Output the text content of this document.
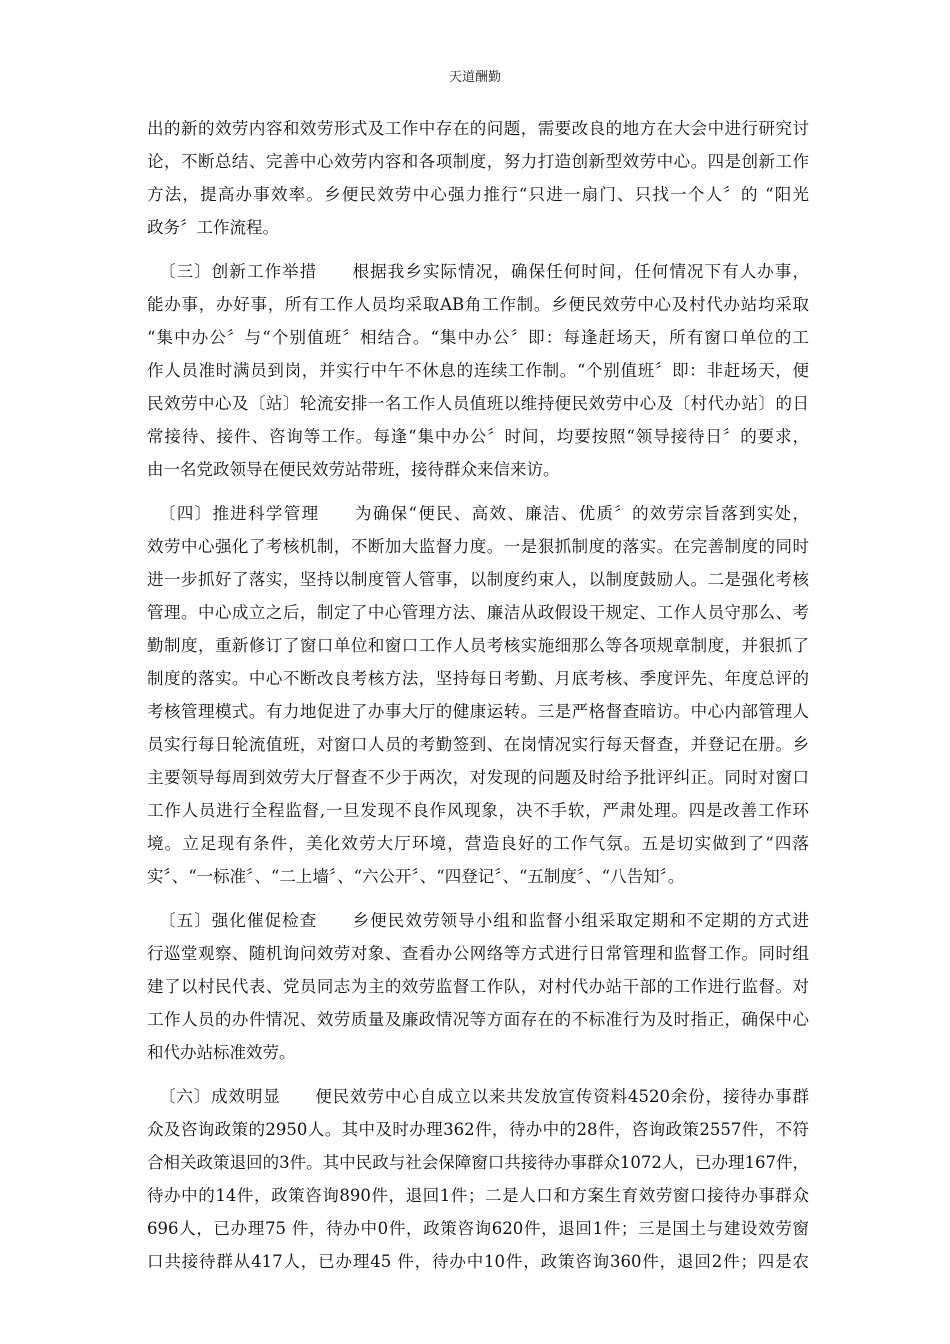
天道酬勤
出的新的效劳内容和效劳形式及工作中存在的问题，需要改良的地方在大会中进行研究讨
论，不断总结、完善中心效劳内容和各项制度，努力打造创新型效劳中心。四是创新工作
方法，提高办事效率。乡便民效劳中心强力推行“只进一扇门、只找一个人〞的 “阳光
政务〞工作流程。
〔三〕创新工作举措　　根据我乡实际情况，确保任何时间，任何情况下有人办事，
能办事，办好事，所有工作人员均采取AB角工作制。乡便民效劳中心及村代办站均采取
“集中办公〞与“个别值班〞相结合。“集中办公〞即：每逢赶场天，所有窗口单位的工
作人员准时满员到岗，并实行中午不休息的连续工作制。“个别值班〞即：非赶场天，便
民效劳中心及〔站〕轮流安排一名工作人员值班以维持便民效劳中心及〔村代办站〕的日
常接待、接件、咨询等工作。每逢“集中办公〞时间，均要按照“领导接待日〞的要求，
由一名党政领导在便民效劳站带班，接待群众来信来访。
〔四〕推进科学管理　　为确保“便民、高效、廉洁、优质〞的效劳宗旨落到实处，
效劳中心强化了考核机制，不断加大监督力度。一是狠抓制度的落实。在完善制度的同时
进一步抓好了落实，坚持以制度管人管事，以制度约束人，以制度鼓励人。二是强化考核
管理。中心成立之后，制定了中心管理方法、廉洁从政假设干规定、工作人员守那么、考
勤制度，重新修订了窗口单位和窗口工作人员考核实施细那么等各项规章制度，并狠抓了
制度的落实。中心不断改良考核方法，坚持每日考勤、月底考核、季度评先、年度总评的
考核管理模式。有力地促进了办事大厅的健康运转。三是严格督查暗访。中心内部管理人
员实行每日轮流值班，对窗口人员的考勤签到、在岗情况实行每天督查，并登记在册。乡
主要领导每周到效劳大厅督查不少于两次，对发现的问题及时给予批评纠正。同时对窗口
工作人员进行全程监督,一旦发现不良作风现象，决不手软，严肃处理。四是改善工作环
境。立足现有条件，美化效劳大厅环境，营造良好的工作气氛。五是切实做到了“四落
实〞、“一标准〞、“二上墙〞、“六公开〞、“四登记〞、“五制度〞、“八告知〞。
〔五〕强化催促检查　　乡便民效劳领导小组和监督小组采取定期和不定期的方式进
行巡堂观察、随机询问效劳对象、查看办公网络等方式进行日常管理和监督工作。同时组
建了以村民代表、党员同志为主的效劳监督工作队，对村代办站干部的工作进行监督。对
工作人员的办件情况、效劳质量及廉政情况等方面存在的不标准行为及时指正，确保中心
和代办站标准效劳。
〔六〕成效明显　　便民效劳中心自成立以来共发放宣传资料4520余份，接待办事群
众及咨询政策的2950人。其中及时办理362件，待办中的28件，咨询政策2557件，不符
合相关政策退回的3件。其中民政与社会保障窗口共接待办事群众1072人，已办理167件，
待办中的14件，政策咨询890件，退回1件；二是人口和方案生育效劳窗口接待办事群众
696人，已办理75 件，待办中0件，政策咨询620件，退回1件；三是国土与建设效劳窗
口共接待群从417人，已办理45 件，待办中10件，政策咨询360件，退回2件；四是农
